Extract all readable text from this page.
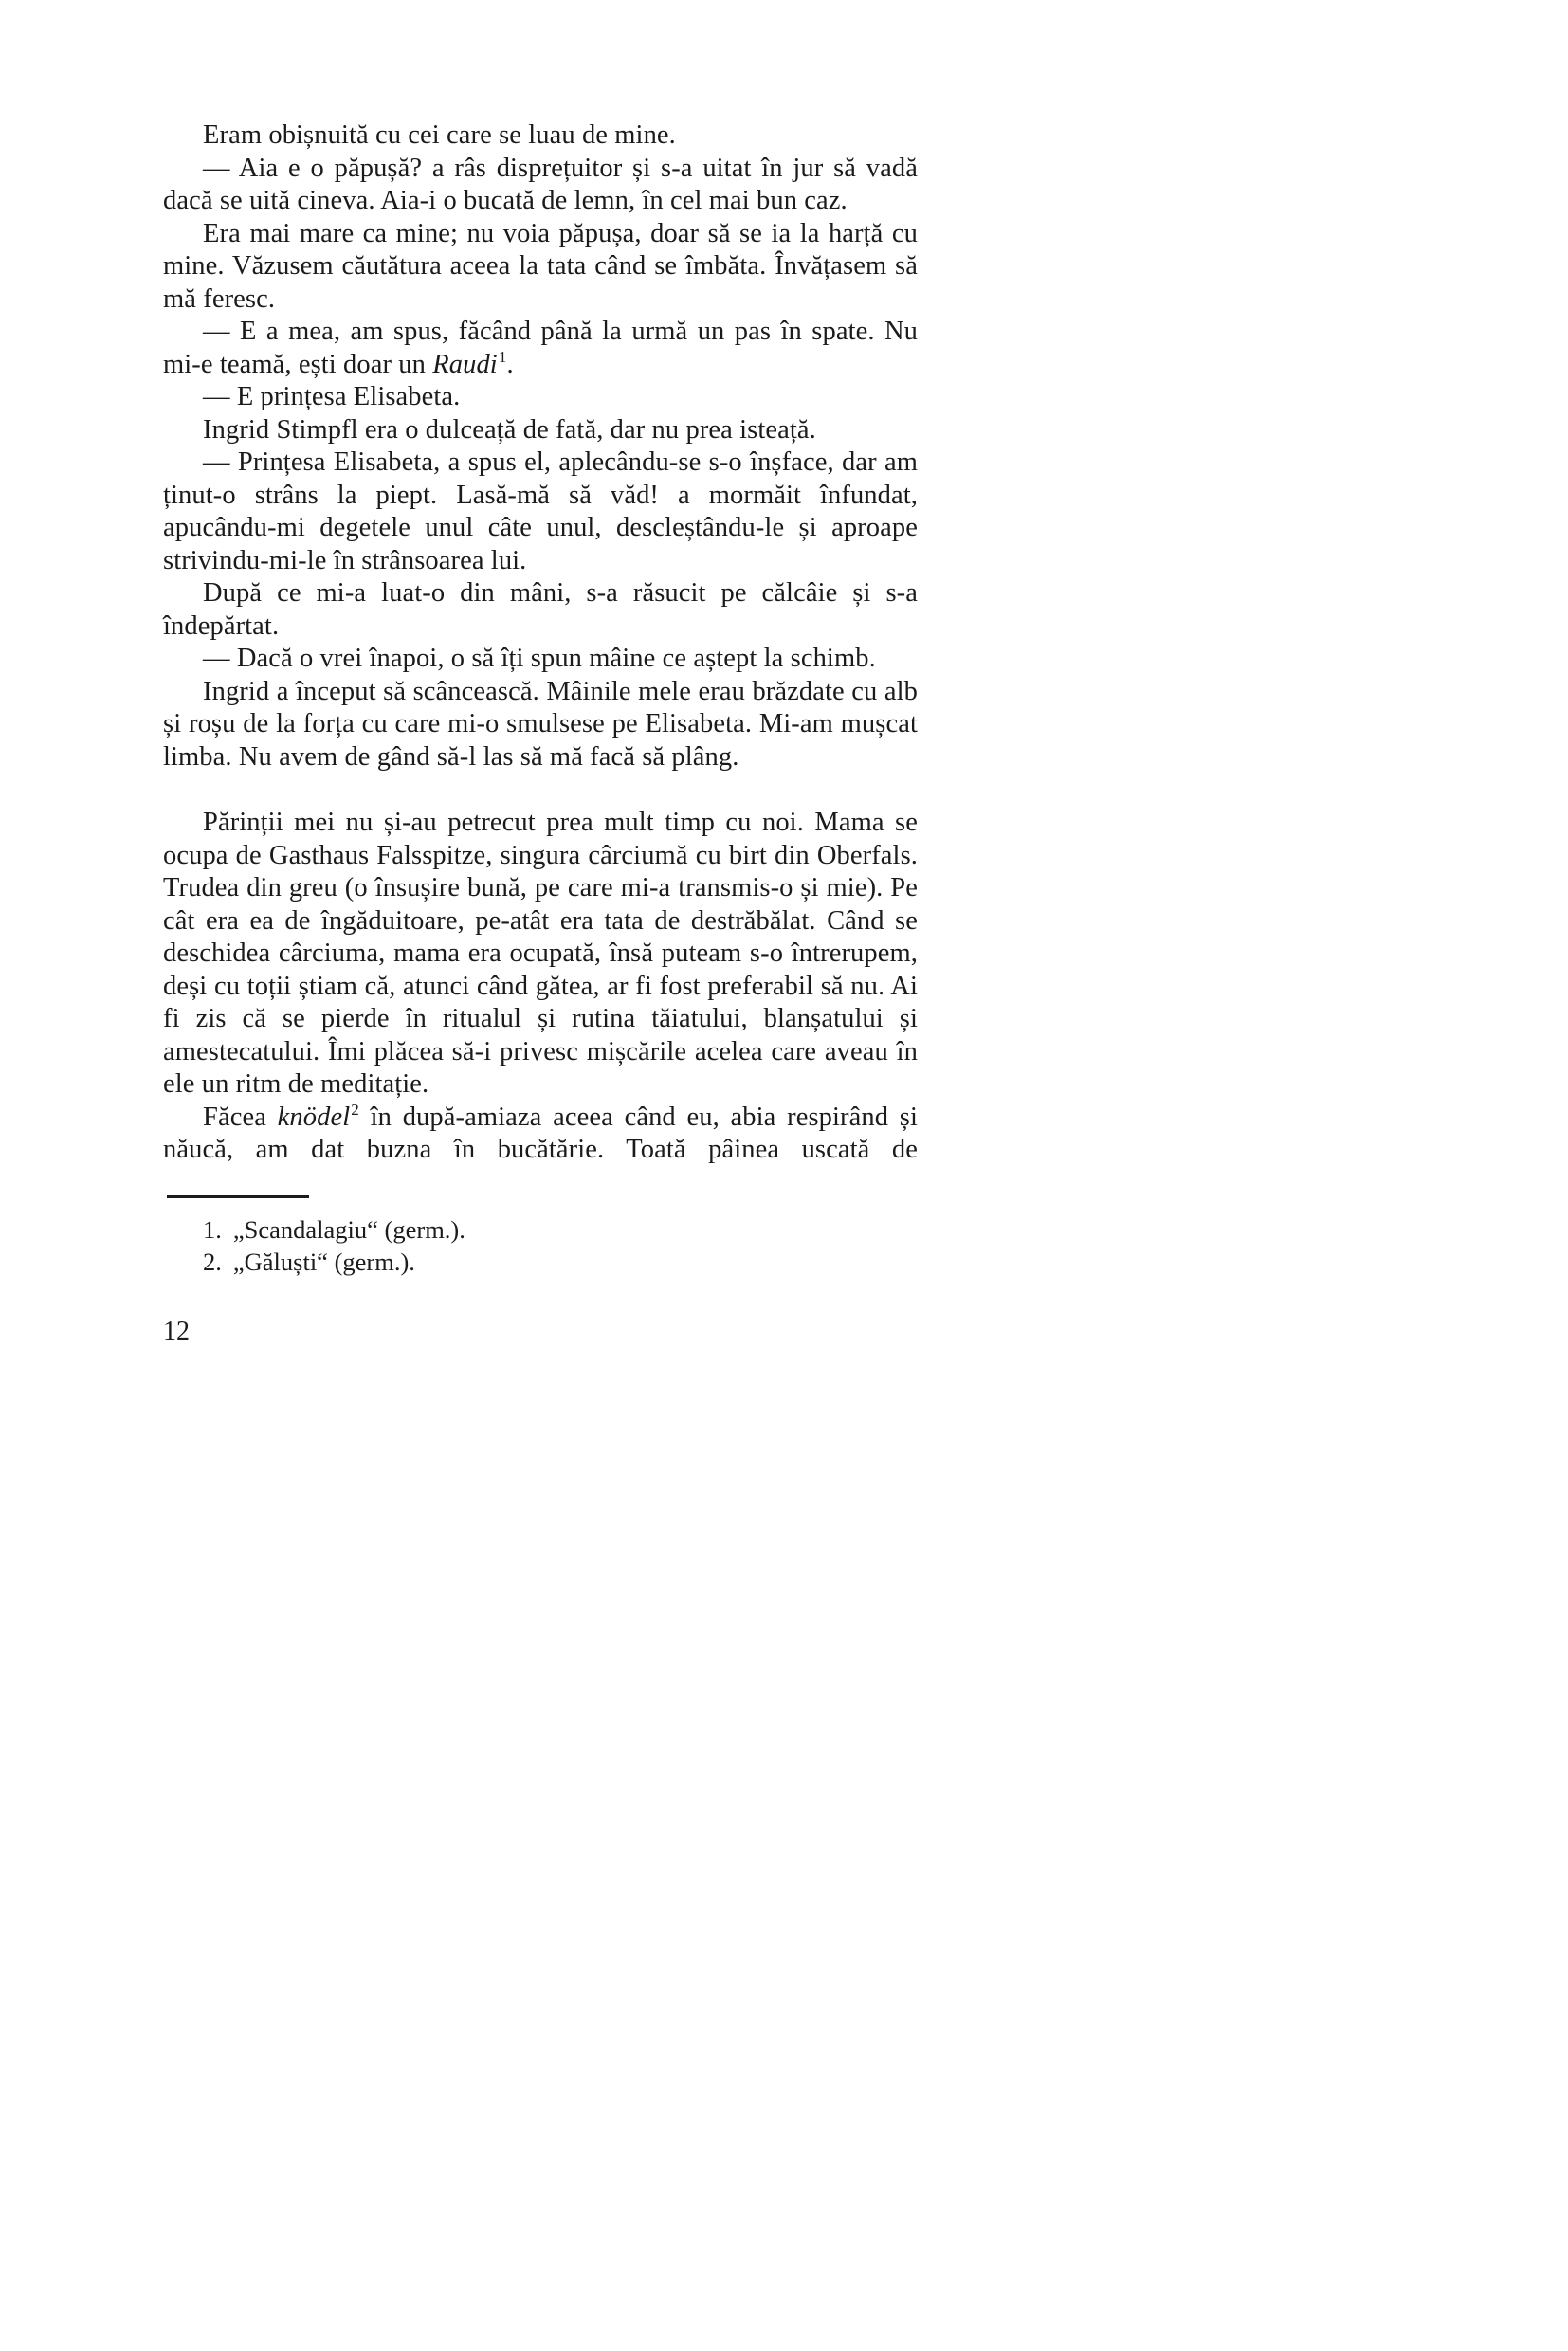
Eram obișnuită cu cei care se luau de mine.

— Aia e o păpușă? a râs disprețuitor și s-a uitat în jur să vadă dacă se uită cineva. Aia-i o bucată de lemn, în cel mai bun caz.

Era mai mare ca mine; nu voia păpușa, doar să se ia la harță cu mine. Văzusem căutătura aceea la tata când se îmbăta. Învățasem să mă feresc.

— E a mea, am spus, făcând până la urmă un pas în spate. Nu mi-e teamă, ești doar un Raudi$^1$.

— E prințesa Elisabeta.

Ingrid Stimpfl era o dulceață de fată, dar nu prea isteață.

— Prințesa Elisabeta, a spus el, aplecându-se s-o înșface, dar am ținut-o strâns la piept. Lasă-mă să văd! a mormăit înfundat, apucându-mi degetele unul câte unul, descleștându-le și aproape strivindu-mi-le în strânsoarea lui.

După ce mi-a luat-o din mâni, s-a răsucit pe călcâie și s-a îndepărtat.

— Dacă o vrei înapoi, o să îți spun mâine ce aștept la schimb.

Ingrid a început să scâncească. Mâinile mele erau brăzdate cu alb și roșu de la forța cu care mi-o smulsese pe Elisabeta. Mi-am mușcat limba. Nu avem de gând să-l las să mă facă să plâng.

Părinții mei nu și-au petrecut prea mult timp cu noi. Mama se ocupa de Gasthaus Falsspitze, singura cârciumă cu birt din Oberfals. Trudea din greu (o însușire bună, pe care mi-a transmis-o și mie). Pe cât era ea de îngăduitoare, pe-atât era tata de destrăbălat. Când se deschidea cârciuma, mama era ocupată, însă puteam s-o întrerupem, deși cu toții știam că, atunci când gătea, ar fi fost preferabil să nu. Ai fi zis că se pierde în ritualul și rutina tăiatului, blanșatului și amestecatului. Îmi plăcea să-i privesc mișcările acelea care aveau în ele un ritm de meditație.

Făcea knödel$^2$ în după-amiaza aceea când eu, abia respirând și năucă, am dat buzna în bucătărie. Toată pâinea uscată de

1. „Scandalagiu“ (germ.).
2. „Găluști“ (germ.).
12
